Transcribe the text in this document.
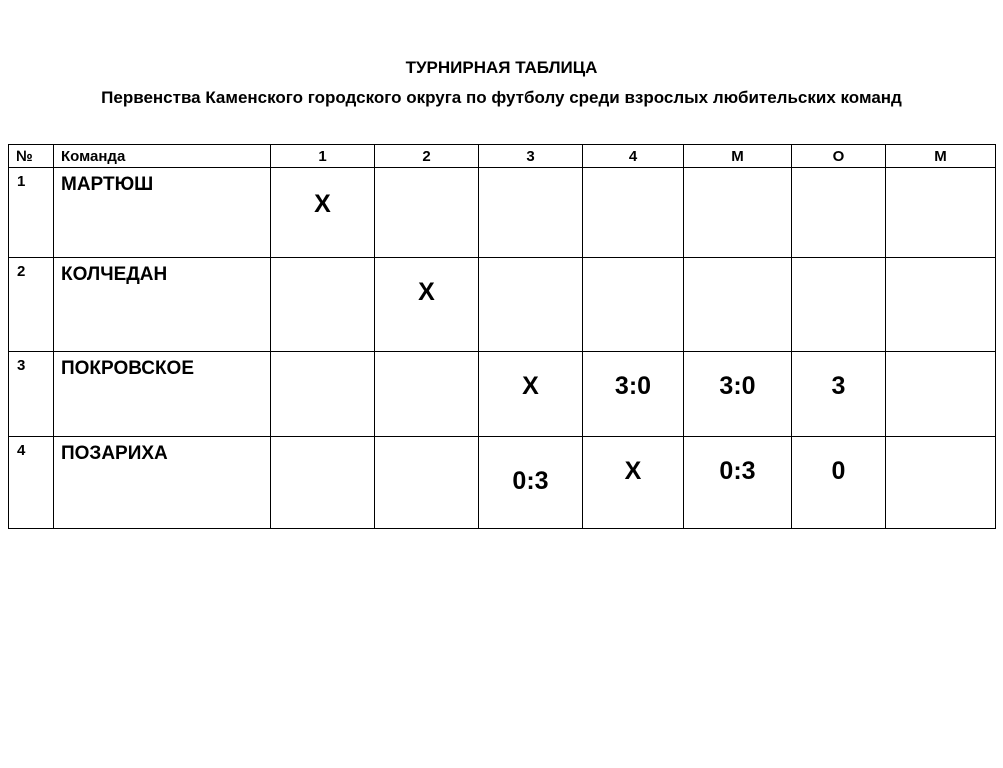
ТУРНИРНАЯ ТАБЛИЦА
Первенства Каменского городского округа по футболу среди взрослых любительских команд
№	Команда	1	2	3	4	М	О	М
1	МАРТЮШ	Х						

2	КОЛЧЕДАН		Х					

3	ПОКРОВСКОЕ			Х	3:0	3:0	3	

4	ПОЗАРИХА			0:3	Х	0:3	0	
